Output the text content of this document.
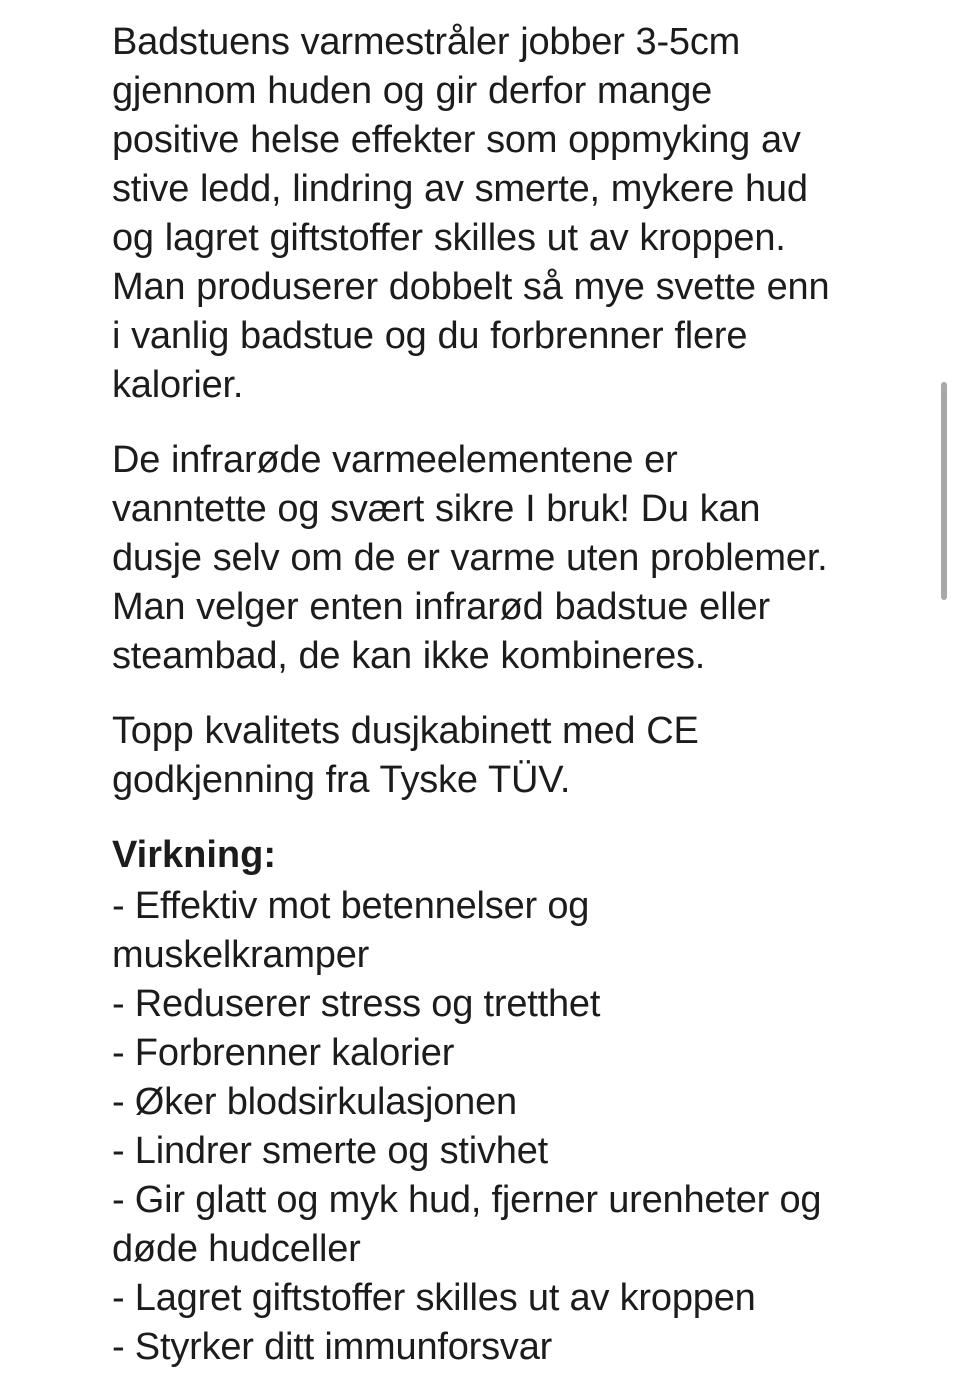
Badstuens varmestråler jobber 3-5cm gjennom huden og gir derfor mange positive helse effekter som oppmyking av stive ledd, lindring av smerte, mykere hud og lagret giftstoffer skilles ut av kroppen. Man produserer dobbelt så mye svette enn i vanlig badstue og du forbrenner flere kalorier.

De infrarøde varmeelementene er vanntette og svært sikre I bruk! Du kan dusje selv om de er varme uten problemer. Man velger enten infrarød badstue eller steambad, de kan ikke kombineres.

Topp kvalitets dusjkabinett med CE godkjenning fra Tyske TÜV.

Virkning:
- Effektiv mot betennelser og muskelkramper
- Reduserer stress og tretthet
- Forbrenner kalorier
- Øker blodsirkulasjonen
- Lindrer smerte og stivhet
- Gir glatt og myk hud, fjerner urenheter og døde hudceller
- Lagret giftstoffer skilles ut av kroppen
- Styrker ditt immunforsvar
